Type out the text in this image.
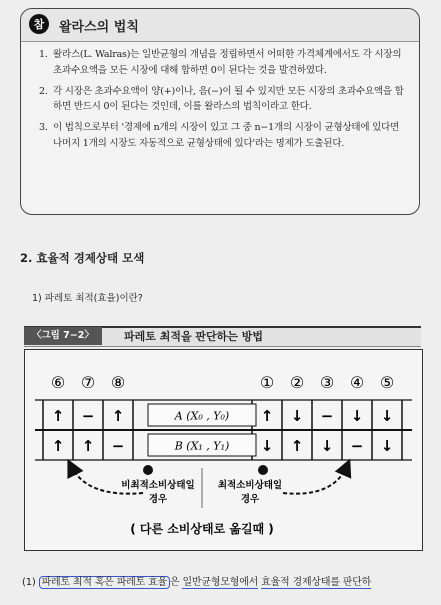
참	왈라스의 법칙
1. 왈라스(L. Walras)는 일반균형의 개념을 정립하면서 어떠한 가격체계에서도 각 시장의 초과수요액을 모든 시장에 대해 합하면 0이 된다는 것을 발견하였다.
2. 각 시장은 초과수요액이 양(+)이나, 음(−)이 될 수 있지만 모든 시장의 초과수요액을 합하면 반드시 0이 된다는 것인데, 이를 왈라스의 법칙이라고 한다.
3. 이 법칙으로부터 '경제에 n개의 시장이 있고 그 중 n−1개의 시장이 균형상태에 있다면 나머지 1개의 시장도 자동적으로 균형상태에 있다'라는 명제가 도출된다.
2. 효율적 경제상태 모색
1) 파레토 최적(효율)이란?
〈그림 7−2〉	파레토 최적을 판단하는 방법
A (X₀ , Y₀)
B (X₁ , Y₁)
⑥ ⑦ ⑧	① ② ③ ④ ⑤
↑ − ↑	↑ ↓ − ↓ ↓
↑ ↑ −	↓ ↑ ↓ − ↓
비최적소비상태일
경우
최적소비상태일
경우
( 다른 소비상태로 옮길때 )
(1) 파레토 최적 혹은 파레토 효율 은 일반균형모형에서 효율적 경제상태를 판단하
